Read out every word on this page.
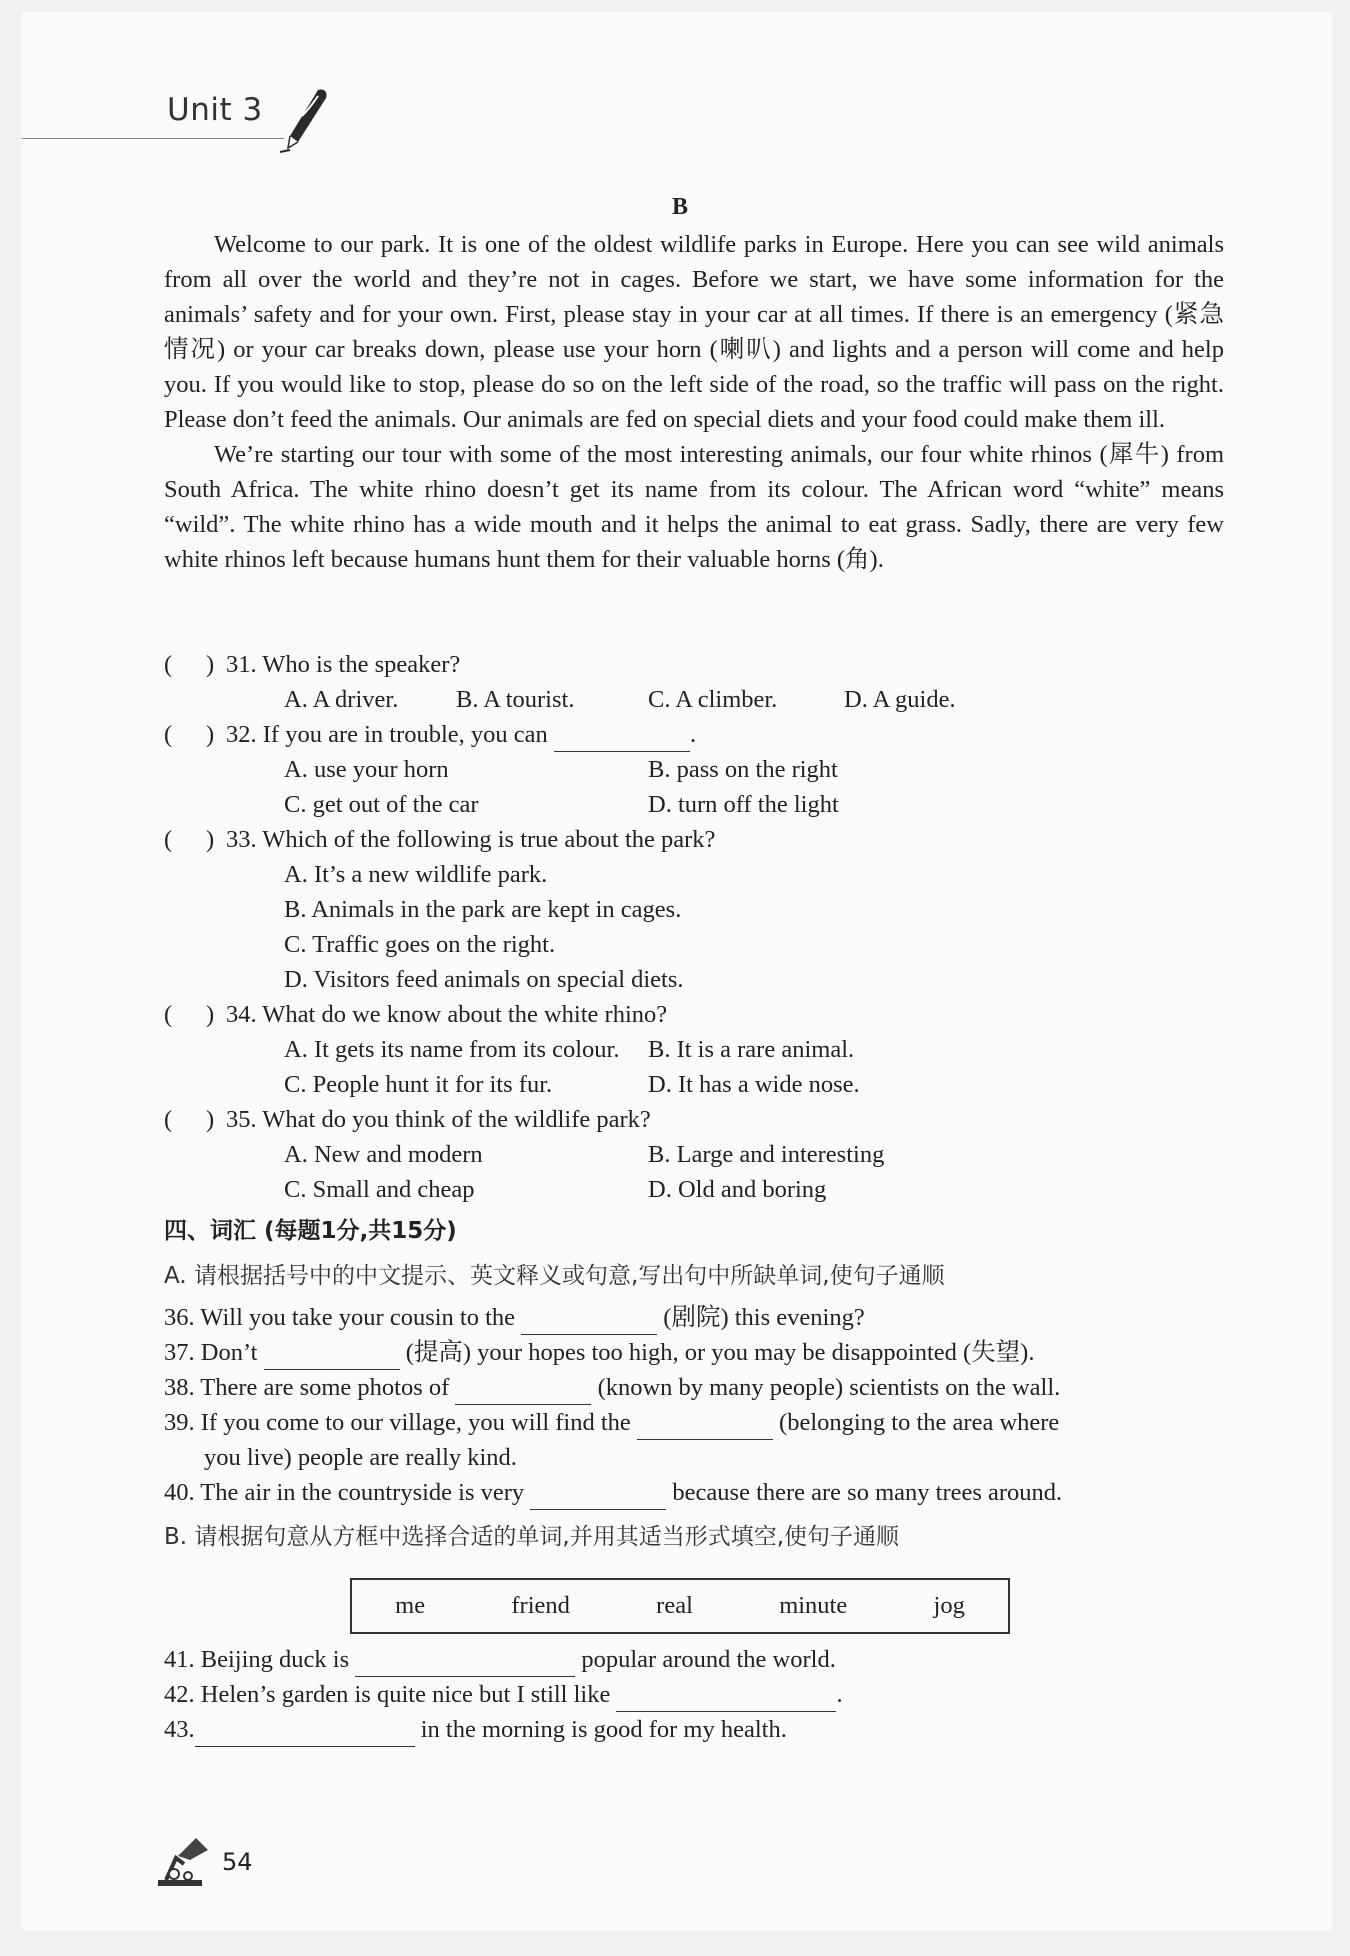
Unit 3
B

Welcome to our park. It is one of the oldest wildlife parks in Europe. Here you can see wild animals from all over the world and they’re not in cages. Before we start, we have some information for the animals’ safety and for your own. First, please stay in your car at all times. If there is an emergency (紧急情况) or your car breaks down, please use your horn (喇叭) and lights and a person will come and help you. If you would like to stop, please do so on the left side of the road, so the traffic will pass on the right. Please don’t feed the animals. Our animals are fed on special diets and your food could make them ill.

We’re starting our tour with some of the most interesting animals, our four white rhinos (犀牛) from South Africa. The white rhino doesn’t get its name from its colour. The African word “white” means “wild”. The white rhino has a wide mouth and it helps the animal to eat grass. Sadly, there are very few white rhinos left because humans hunt them for their valuable horns (角).

( ) 31. Who is the speaker?
A. A driver. B. A tourist.	C. A climber.	D. A guide.
( ) 32. If you are in trouble, you can	.
A. use your horn	B. pass on the right
C. get out of the car	D. turn off the light
( ) 33. Which of the following is true about the park?
A. It’s a new wildlife park.
B. Animals in the park are kept in cages.
C. Traffic goes on the right.
D. Visitors feed animals on special diets.
( ) 34. What do we know about the white rhino?
A. It gets its name from its colour. B. It is a rare animal.
C. People hunt it for its fur.	D. It has a wide nose.
( ) 35. What do you think of the wildlife park?
A. New and modern	B. Large and interesting
C. Small and cheap	D. Old and boring
四、词汇 (每题1分,共15分)
A. 请根据括号中的中文提示、英文释义或句意,写出句中所缺单词,使句子通顺
36. Will you take your cousin to the	(剧院) this evening?
37. Don’t	(提高) your hopes too high, or you may be disappointed (失望).
38. There are some photos of	(known by many people) scientists on the wall.
39. If you come to our village, you will find the	(belonging to the area where
you live) people are really kind.
40. The air in the countryside is very	because there are so many trees around.
B. 请根据句意从方框中选择合适的单词,并用其适当形式填空,使句子通顺
me	friend	real	minute	jog
41. Beijing duck is	popular around the world.
42. Helen’s garden is quite nice but I still like	.
43.	in the morning is good for my health.
54
